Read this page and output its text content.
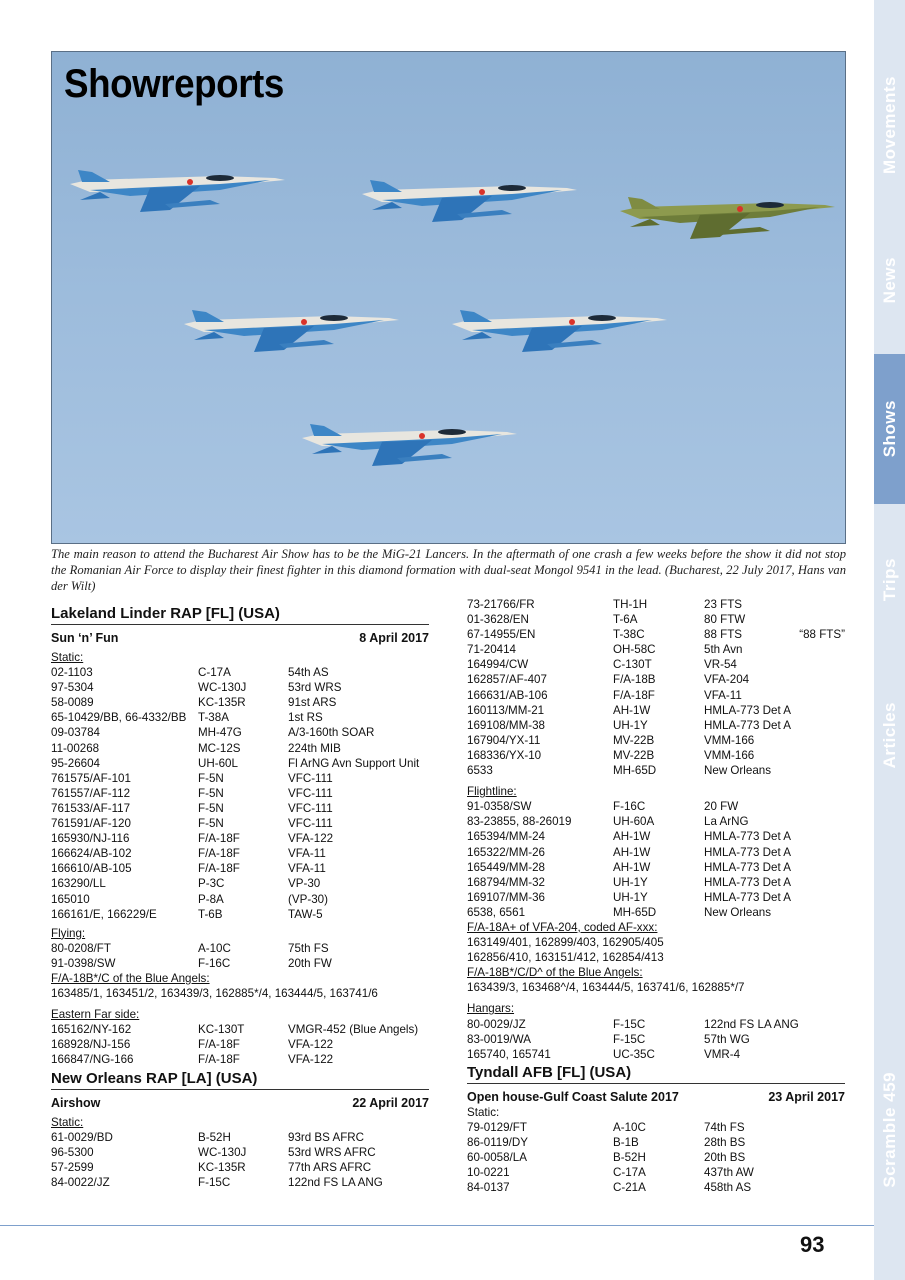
Movements
News
Shows
Trips
Articles
Scramble 459
Showreports
The main reason to attend the Bucharest Air Show has to be the MiG-21 Lancers. In the aftermath of one crash a few weeks before the show it did not stop the Romanian Air Force to display their finest fighter in this diamond formation with dual-seat Mongol 9541 in the lead. (Bucharest, 22 July 2017, Hans van der Wilt)
Lakeland Linder RAP [FL] (USA)
Sun ‘n’ Fun	8 April 2017
Static:
02-1103	C-17A	54th AS
97-5304	WC-130J	53rd WRS
58-0089	KC-135R	91st ARS
65-10429/BB, 66-4332/BB	T-38A	1st RS
09-03784	MH-47G	A/3-160th SOAR
11-00268	MC-12S	224th MIB
95-26604	UH-60L	Fl ArNG Avn Support Unit
761575/AF-101	F-5N	VFC-111
761557/AF-112	F-5N	VFC-111
761533/AF-117	F-5N	VFC-111
761591/AF-120	F-5N	VFC-111
165930/NJ-116	F/A-18F	VFA-122
166624/AB-102	F/A-18F	VFA-11
166610/AB-105	F/A-18F	VFA-11
163290/LL	P-3C	VP-30
165010	P-8A	(VP-30)
166161/E, 166229/E	T-6B	TAW-5
Flying:
80-0208/FT	A-10C	75th FS
91-0398/SW	F-16C	20th FW
F/A-18B*/C of the Blue Angels:
163485/1, 163451/2, 163439/3, 162885*/4, 163444/5, 163741/6
Eastern Far side:
165162/NY-162	KC-130T	VMGR-452 (Blue Angels)
168928/NJ-156	F/A-18F	VFA-122
166847/NG-166	F/A-18F	VFA-122
New Orleans RAP [LA] (USA)
Airshow	22 April 2017
Static:
61-0029/BD	B-52H	93rd BS AFRC
96-5300	WC-130J	53rd WRS AFRC
57-2599	KC-135R	77th ARS AFRC
84-0022/JZ	F-15C	122nd FS LA ANG
73-21766/FR	TH-1H	23 FTS
01-3628/EN	T-6A	80 FTW
67-14955/EN	T-38C	88 FTS	“88 FTS”
71-20414	OH-58C	5th Avn
164994/CW	C-130T	VR-54
162857/AF-407	F/A-18B	VFA-204
166631/AB-106	F/A-18F	VFA-11
160113/MM-21	AH-1W	HMLA-773 Det A
169108/MM-38	UH-1Y	HMLA-773 Det A
167904/YX-11	MV-22B	VMM-166
168336/YX-10	MV-22B	VMM-166
6533	MH-65D	New Orleans
Flightline:
91-0358/SW	F-16C	20 FW
83-23855, 88-26019	UH-60A	La ArNG
165394/MM-24	AH-1W	HMLA-773 Det A
165322/MM-26	AH-1W	HMLA-773 Det A
165449/MM-28	AH-1W	HMLA-773 Det A
168794/MM-32	UH-1Y	HMLA-773 Det A
169107/MM-36	UH-1Y	HMLA-773 Det A
6538, 6561	MH-65D	New Orleans
F/A-18A+ of VFA-204, coded AF-xxx:
163149/401, 162899/403, 162905/405
162856/410, 163151/412, 162854/413
F/A-18B*/C/D^ of the Blue Angels:
163439/3, 163468^/4, 163444/5, 163741/6, 162885*/7
Hangars:
80-0029/JZ	F-15C	122nd FS LA ANG
83-0019/WA	F-15C	57th WG
165740, 165741	UC-35C	VMR-4
Tyndall AFB [FL] (USA)
Open house-Gulf Coast Salute 2017	23 April 2017
Static:
79-0129/FT	A-10C	74th FS
86-0119/DY	B-1B	28th BS
60-0058/LA	B-52H	20th BS
10-0221	C-17A	437th AW
84-0137	C-21A	458th AS
93
